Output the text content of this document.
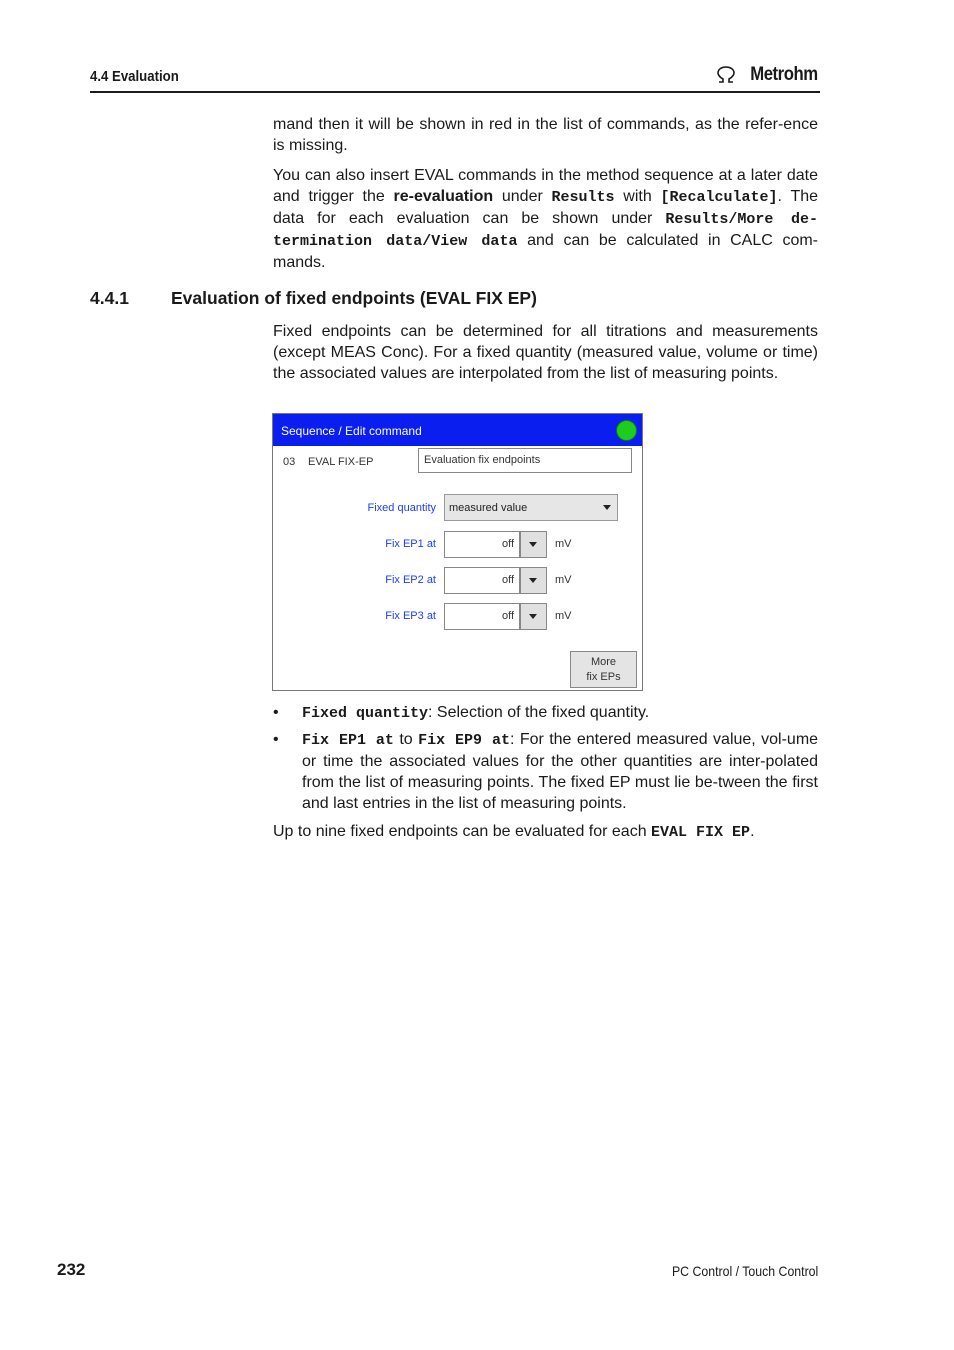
4.4 Evaluation	Metrohm
mand then it will be shown in red in the list of commands, as the refer-ence is missing.
You can also insert EVAL commands in the method sequence at a later date and trigger the re-evaluation under Results with [Recalculate]. The data for each evaluation can be shown under Results/More de-termination data/View data and can be calculated in CALC com-mands.
4.4.1 Evaluation of fixed endpoints (EVAL FIX EP)
Fixed endpoints can be determined for all titrations and measurements (except MEAS Conc). For a fixed quantity (measured value, volume or time) the associated values are interpolated from the list of measuring points.
Sequence / Edit command
03 EVAL FIX-EP	Evaluation fix endpoints
Fixed quantity	measured value
Fix EP1 at	off	mV
Fix EP2 at	off	mV
Fix EP3 at	off	mV
More
fix EPs
• Fixed quantity: Selection of the fixed quantity.
• Fix EP1 at to Fix EP9 at: For the entered measured value, vol-ume or time the associated values for the other quantities are inter-polated from the list of measuring points. The fixed EP must lie be-tween the first and last entries in the list of measuring points.
Up to nine fixed endpoints can be evaluated for each EVAL FIX EP.
232	PC Control / Touch Control
